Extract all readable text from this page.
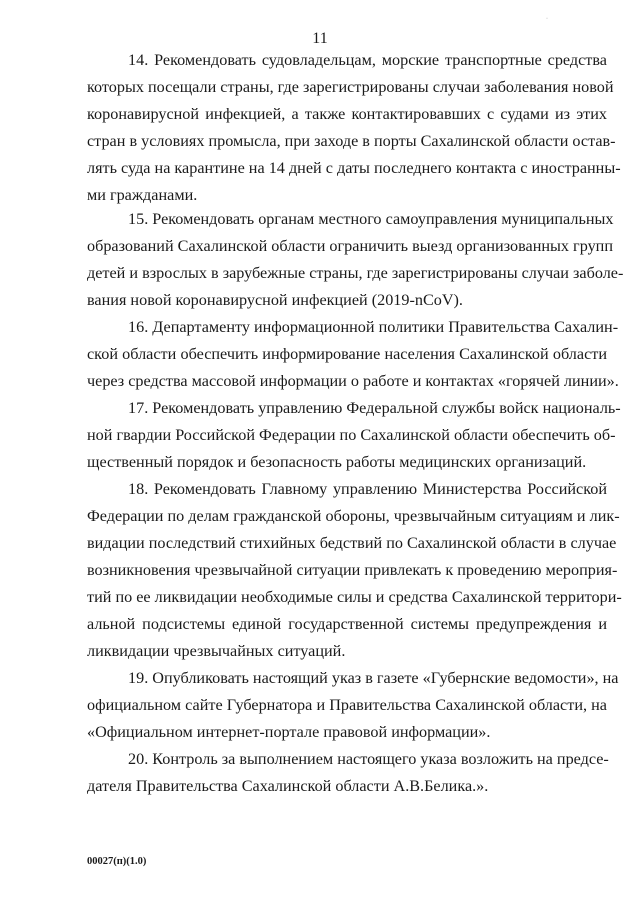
·
11
14. Рекомендовать судовладельцам, морские транспортные средства
которых посещали страны, где зарегистрированы случаи заболевания новой
коронавирусной инфекцией, а также контактировавших с судами из этих
стран в условиях промысла, при заходе в порты Сахалинской области остав-
лять суда на карантине на 14 дней с даты последнего контакта с иностранны-
ми гражданами.
15. Рекомендовать органам местного самоуправления муниципальных
образований Сахалинской области ограничить выезд организованных групп
детей и взрослых в зарубежные страны, где зарегистрированы случаи заболе-
вания новой коронавирусной инфекцией (2019-nCoV).
16. Департаменту информационной политики Правительства Сахалин-
ской области обеспечить информирование населения Сахалинской области
через средства массовой информации о работе и контактах «горячей линии».
17. Рекомендовать управлению Федеральной службы войск националь-
ной гвардии Российской Федерации по Сахалинской области обеспечить об-
щественный порядок и безопасность работы медицинских организаций.
18. Рекомендовать Главному управлению Министерства Российской
Федерации по делам гражданской обороны, чрезвычайным ситуациям и лик-
видации последствий стихийных бедствий по Сахалинской области в случае
возникновения чрезвычайной ситуации привлекать к проведению мероприя-
тий по ее ликвидации необходимые силы и средства Сахалинской территори-
альной подсистемы единой государственной системы предупреждения и
ликвидации чрезвычайных ситуаций.
19. Опубликовать настоящий указ в газете «Губернские ведомости», на
официальном сайте Губернатора и Правительства Сахалинской области, на
«Официальном интернет-портале правовой информации».
20. Контроль за выполнением настоящего указа возложить на предсе-
дателя Правительства Сахалинской области А.В.Белика.».
00027(п)(1.0)
